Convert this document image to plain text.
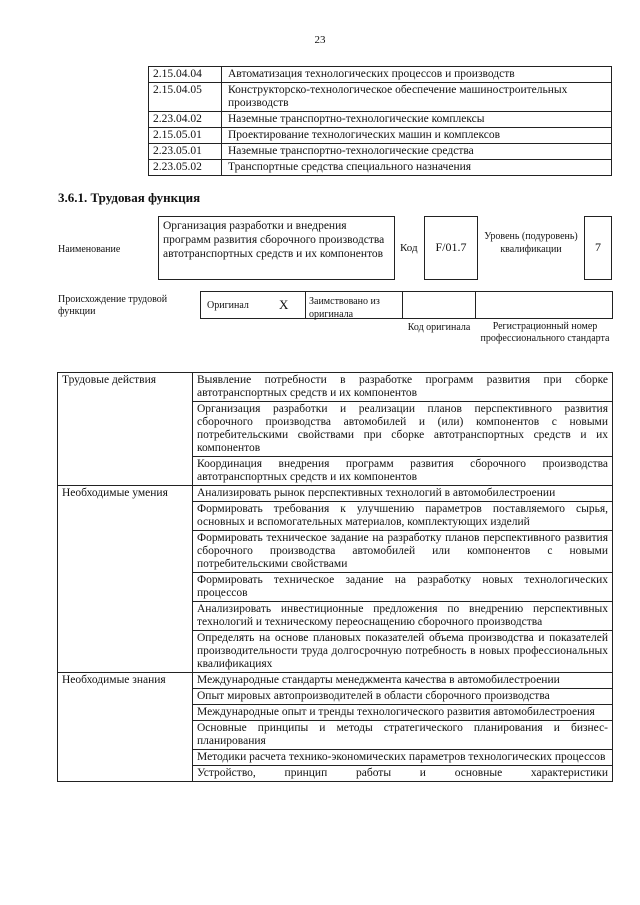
23
2.15.04.04	Автоматизация технологических процессов и производств
2.15.04.05	Конструкторско-технологическое обеспечение машиностроительных производств
2.23.04.02	Наземные транспортно-технологические комплексы
2.15.05.01	Проектирование технологических машин и комплексов
2.23.05.01	Наземные транспортно-технологические средства
2.23.05.02	Транспортные средства специального назначения
3.6.1. Трудовая функция
Наименование
Организация разработки и внедрения программ развития сборочного производства автотранспортных средств и их компонентов	Код	F/01.7
Уровень (подуровень) квалификации	7
Происхождение трудовой функции
Оригинал X	Заимствовано из оригинала
Код оригинала	Регистрационный номер профессионального стандарта
Трудовые действия	Выявление потребности в разработке программ развития при сборке автотранспортных средств и их компонентов
	Организация разработки и реализации планов перспективного развития сборочного производства автомобилей и (или) компонентов с новыми потребительскими свойствами при сборке автотранспортных средств и их компонентов
	Координация внедрения программ развития сборочного производства автотранспортных средств и их компонентов
Необходимые умения	Анализировать рынок перспективных технологий в автомобилестроении
	Формировать требования к улучшению параметров поставляемого сырья, основных и вспомогательных материалов, комплектующих изделий
	Формировать техническое задание на разработку планов перспективного развития сборочного производства автомобилей или компонентов с новыми потребительскими свойствами
	Формировать техническое задание на разработку новых технологических процессов
	Анализировать инвестиционные предложения по внедрению перспективных технологий и техническому переоснащению сборочного производства
	Определять на основе плановых показателей объема производства и показателей производительности труда долгосрочную потребность в новых профессиональных квалификациях
Необходимые знания	Международные стандарты менеджмента качества в автомобилестроении
	Опыт мировых автопроизводителей в области сборочного производства
	Международные опыт и тренды технологического развития автомобилестроения
	Основные принципы и методы стратегического планирования и бизнес-планирования
	Методики расчета технико-экономических параметров технологических процессов
	Устройство, принцип работы и основные характеристики
